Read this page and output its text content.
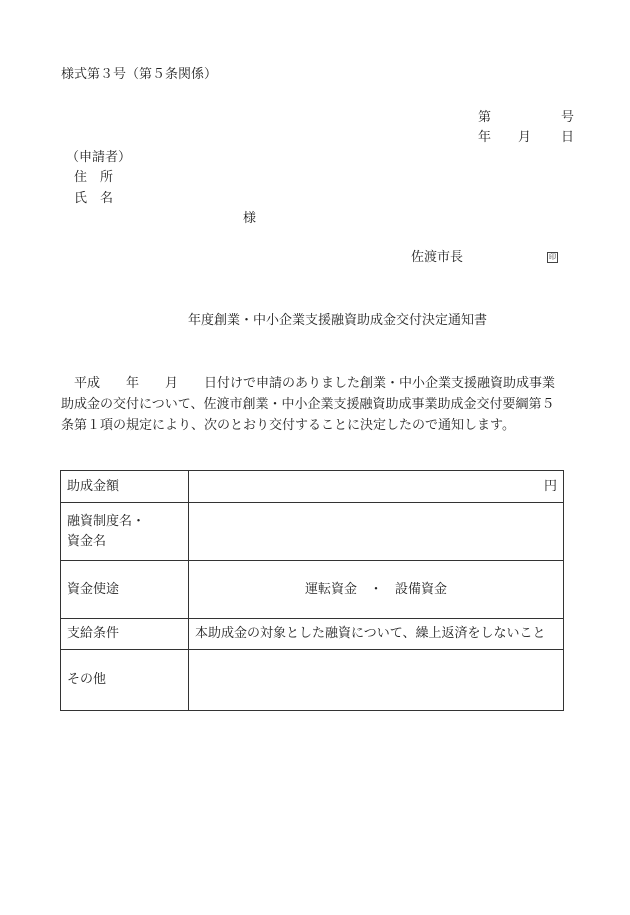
様式第３号（第５条関係）
第	号
年 月 日
（申請者）
住　所
氏　名
様
佐渡市長	印
年度創業・中小企業支援融資助成金交付決定通知書
　平成　　年　　月　　日付けで申請のありました創業・中小企業支援融資助成事業
助成金の交付について、佐渡市創業・中小企業支援融資助成事業助成金交付要綱第５
条第１項の規定により、次のとおり交付することに決定したので通知します。
助成金額	円

融資制度名・
資金名	

資金使途	運転資金 ・ 設備資金
支給条件	本助成金の対象とした融資について、繰上返済をしないこと
その他	
